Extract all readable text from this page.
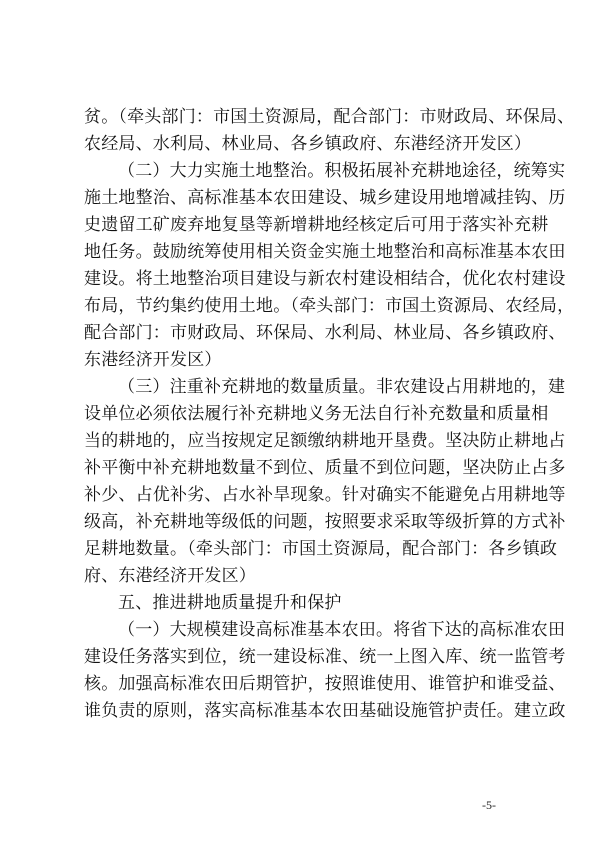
贫。（牵头部门：市国土资源局，配合部门：市财政局、环保局、
农经局、水利局、林业局、各乡镇政府、东港经济开发区）
（二）大力实施土地整治。积极拓展补充耕地途径，统筹实
施土地整治、高标准基本农田建设、城乡建设用地增减挂钩、历
史遗留工矿废弃地复垦等新增耕地经核定后可用于落实补充耕
地任务。鼓励统筹使用相关资金实施土地整治和高标准基本农田
建设。将土地整治项目建设与新农村建设相结合，优化农村建设
布局，节约集约使用土地。（牵头部门：市国土资源局、农经局，
配合部门：市财政局、环保局、水利局、林业局、各乡镇政府、
东港经济开发区）
（三）注重补充耕地的数量质量。非农建设占用耕地的，建
设单位必须依法履行补充耕地义务无法自行补充数量和质量相
当的耕地的，应当按规定足额缴纳耕地开垦费。坚决防止耕地占
补平衡中补充耕地数量不到位、质量不到位问题，坚决防止占多
补少、占优补劣、占水补旱现象。针对确实不能避免占用耕地等
级高，补充耕地等级低的问题，按照要求采取等级折算的方式补
足耕地数量。（牵头部门：市国土资源局，配合部门：各乡镇政
府、东港经济开发区）
五、推进耕地质量提升和保护
（一）大规模建设高标准基本农田。将省下达的高标准农田
建设任务落实到位，统一建设标准、统一上图入库、统一监管考
核。加强高标准农田后期管护，按照谁使用、谁管护和谁受益、
谁负责的原则，落实高标准基本农田基础设施管护责任。建立政
-5-
